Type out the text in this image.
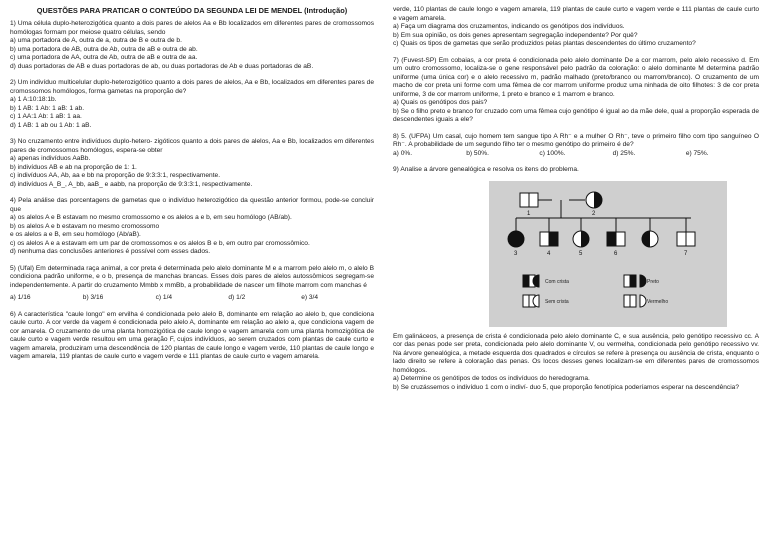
QUESTÕES PARA PRATICAR O CONTEÚDO DA SEGUNDA LEI DE MENDEL (Introdução)

1) Uma célula duplo-heterozigótica quanto a dois pares de alelos Aa e Bb localizados em diferentes pares de cromossomos homólogas formam por meiose quatro células, sendo

a) uma portadora de A, outra de a, outra de B e outra de b.

b) uma portadora de AB, outra de Ab, outra de aB e outra de ab.

c) uma portadora de AA, outra de Ab, outra de aB e outra de aa.

d) duas portadoras de AB e duas portadoras de ab, ou duas portadoras de Ab e duas portadoras de aB.

2) Um indivíduo multicelular duplo-heterozigótico quanto a dois pares de alelos, Aa e Bb, localizados em diferentes pares de cromossomos homólogos, forma gametas na proporção de?

a) 1 A:10:18:1b.

b) 1 AB: 1 Ab: 1 aB: 1 ab.

c) 1 AA:1 Ab: 1 aB: 1 aa.

d) 1 AB: 1 ab ou 1 Ab: 1 aB.

3) No cruzamento entre indivíduos duplo-hetero- zigóticos quanto a dois pares de alelos, Aa e Bb, localizados em diferentes pares de cromossomos homólogos, espera-se obter

a) apenas indivíduos AaBb.

b) indivíduos AB e ab na proporção de 1: 1.

c) indivíduos AA, Ab, aa e bb na proporção de 9:3:3:1, respectivamente.

d) indivíduos A_B_, A_bb, aaB_ e aabb, na proporção de 9:3:3:1, respectivamente.

4) Pela análise das porcentagens de gametas que o indivíduo heterozigótico da questão anterior formou, pode-se concluir que

a) os alelos A e B estavam no mesmo cromossomo e os alelos a e b, em seu homólogo (AB/ab).

b) os alelos A e b estavam no mesmo cromossomo

e os alelos a e B, em seu homólogo (Ab/aB).

c) os alelos A e a estavam em um par de cromossomos e os alelos B e b, em outro par cromossômico.

d) nenhuma das conclusões anteriores é possível com esses dados.

5) (Ufal) Em determinada raça animal, a cor preta é determinada pelo alelo dominante M e a marrom pelo alelo m, o alelo B condiciona padrão uniforme, e o b, presença de manchas brancas. Esses dois pares de alelos autossômicos segregam-se independentemente. A partir do cruzamento Mmbb x mmBb, a probabilidade de nascer um filhote marrom com manchas é

a) 1/16	b) 3/16	c) 1/4	d) 1/2	e) 3/4

6) A característica "caule longo" em ervilha é condicionada pelo alelo B, dominante em relação ao alelo b, que condiciona caule curto. A cor verde da vagem é condicionada pelo alelo A, dominante em relação ao alelo a, que condiciona vagem de cor amarela. O cruzamento de uma planta homozigótica de caule longo e vagem amarela com uma planta homozigótica de caule curto e vagem verde resultou em uma geração F, cujos indivíduos, ao serem cruzados com plantas de caule curto e vagem amarela, produziram uma descendência de 120 plantas de caule longo e vagem verde, 110 plantas de caule longo e vagem amarela, 119 plantas de caule curto e vagem verde e 111 plantas de caule curto e vagem amarela.

verde, 110 plantas de caule longo e vagem amarela, 119 plantas de caule curto e vagem verde e 111 plantas de caule curto e vagem amarela.

a) Faça um diagrama dos cruzamentos, indicando os genótipos dos indivíduos.

b) Em sua opinião, os dois genes apresentam segregação independente? Por quê?

c) Quais os tipos de gametas que serão produzidos pelas plantas descendentes do último cruzamento?

7) (Fuvest-SP) Em cobaias, a cor preta é condicionada pelo alelo dominante De a cor marrom, pelo alelo recessivo d. Em um outro cromossomo, localiza-se o gene responsável pelo padrão da coloração: o alelo dominante M determina padrão uniforme (uma única cor) e o alelo recessivo m, padrão malhado (preto/branco ou marrom/branco). O cruzamento de um macho de cor preta uni forme com uma fêmea de cor marrom uniforme produz uma ninhada de oito filhotes: 3 de cor preta uniforme, 3 de cor marrom uniforme, 1 preto e branco e 1 marrom e branco.

a) Quais os genótipos dos pais?

b) Se o filho preto e branco for cruzado com uma fêmea cujo genótipo é igual ao da mãe dele, qual a proporção esperada de descendentes iguais a ele?

8) 5. (UFPA) Um casal, cujo homem tem sangue tipo A Rh⁻ e a mulher O Rh⁻, teve o primeiro filho com tipo sanguíneo O Rh⁻. A probabilidade de um segundo filho ter o mesmo genótipo do primeiro é de?

a) 0%.	b) 50%.	c) 100%.	d) 25%.	e) 75%.

9) Analise a árvore genealógica e resolva os itens do problema.

1	2
3	4	5	6	7
Com crista
Sem crista
Preto
Vermelho

Em galináceos, a presença de crista é condicionada pelo alelo dominante C, e sua ausência, pelo genótipo recessivo cc. A cor das penas pode ser preta, condicionada pelo alelo dominante V, ou vermelha, condicionada pelo genótipo recessivo vv. Na árvore genealógica, a metade esquerda dos quadrados e círculos se refere à presença ou ausência de crista, enquanto o lado direito se refere à coloração das penas. Os locos desses genes localizam-se em diferentes pares de cromossomos homólogos.

a) Determine os genótipos de todos os indivíduos do heredograma.

b) Se cruzássemos o indivíduo 1 com o indiví- duo 5, que proporção fenotípica poderíamos esperar na descendência?
